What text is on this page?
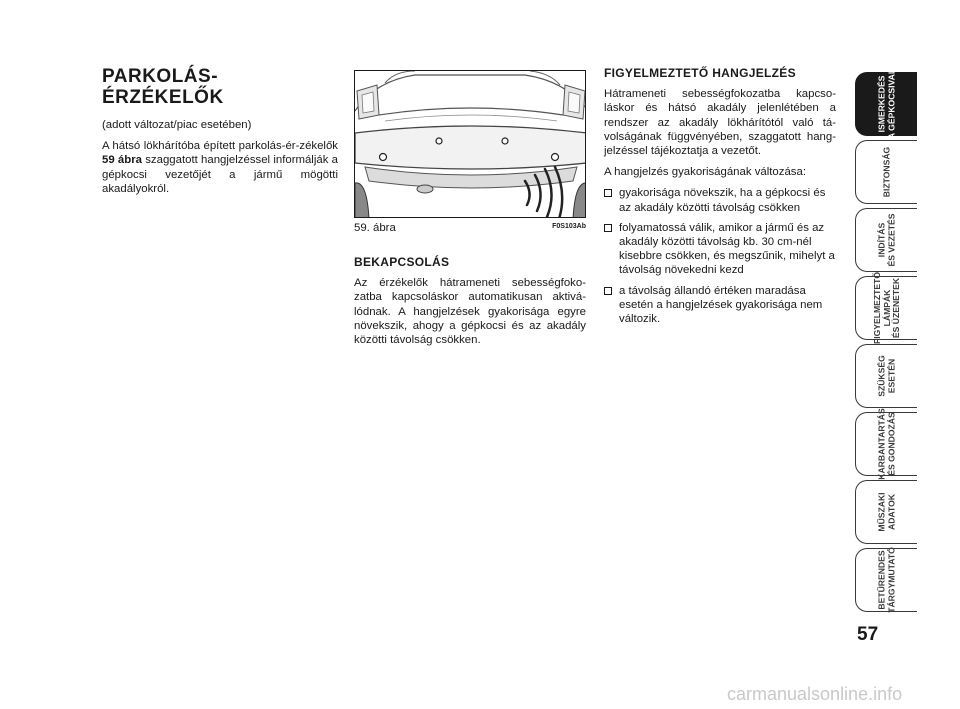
PARKOLÁS-
ÉRZÉKELŐK

(adott változat/piac esetében)

A hátsó lökhárítóba épített parkolás-ér-zékelők 59 ábra szaggatott hangjelzéssel informálják a gépkocsi vezetőjét a jármű mögötti akadályokról.

59. ábra	F0S103Ab
BEKAPCSOLÁS

Az érzékelők hátrameneti sebességfoko-zatba kapcsoláskor automatikusan aktivá-lódnak. A hangjelzések gyakorisága egyre növekszik, ahogy a gépkocsi és az akadály közötti távolság csökken.

FIGYELMEZTETŐ HANGJELZÉS

Hátrameneti sebességfokozatba kapcso-láskor és hátsó akadály jelenlétében a rendszer az akadály lökhárítótól való tá-volságának függvényében, szaggatott hang-jelzéssel tájékoztatja a vezetőt.

A hangjelzés gyakoriságának változása:

gyakorisága növekszik, ha a gépkocsi és az akadály közötti távolság csökken
folyamatossá válik, amikor a jármű és az akadály közötti távolság kb. 30 cm-nél kisebbre csökken, és megszűnik, mihelyt a távolság növekedni kezd
a távolság állandó értéken maradása esetén a hangjelzések gyakorisága nem változik.
ISMERKEDÉS
A GÉPKOCSIVAL
BIZTONSÁG
INDÍTÁS
ÉS VEZETÉS
FIGYELMEZTETŐ
LÁMPÁK
ÉS ÜZENETEK
SZÜKSÉG
ESETÉN
KARBANTARTÁS
ÉS GONDOZÁS
MŰSZAKI
ADATOK
BETŰRENDES
TÁRGYMUTATÓ
57
carmanualsonline.info
